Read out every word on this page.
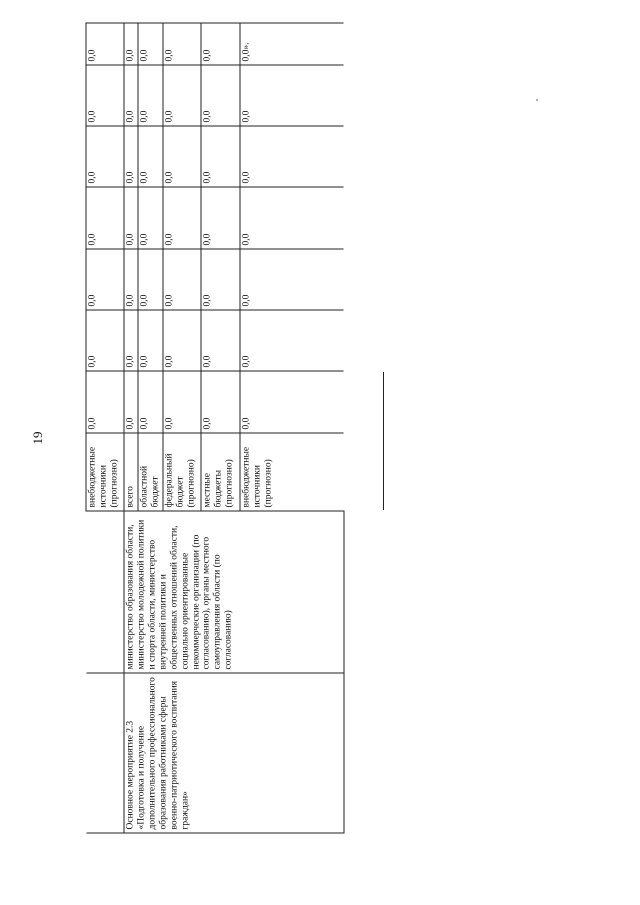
19
		внебюджетные источники (прогнозно)	0,0	0,0	0,0	0,0	0,0	0,0	0,0
Основное мероприятие 2.3 «Подготовка и получение дополнительного профессионального образования работниками сферы военно-патриотического воспитания граждан»	министерство образования области, министерство молодежной политики и спорта области, министерство внутренней политики и общественных отношений области, социально ориентированные некоммерческие организации (по согласованию), органы местного самоуправления области (по согласованию)	всего	0,0	0,0	0,0	0,0	0,0	0,0	0,0
		областной бюджет	0,0	0,0	0,0	0,0	0,0	0,0	0,0
		федеральный бюджет (прогнозно)	0,0	0,0	0,0	0,0	0,0	0,0	0,0
		местные бюджеты (прогнозно)	0,0	0,0	0,0	0,0	0,0	0,0	0,0
		внебюджетные источники (прогнозно)	0,0	0,0	0,0	0,0	0,0	0,0	0,0».
